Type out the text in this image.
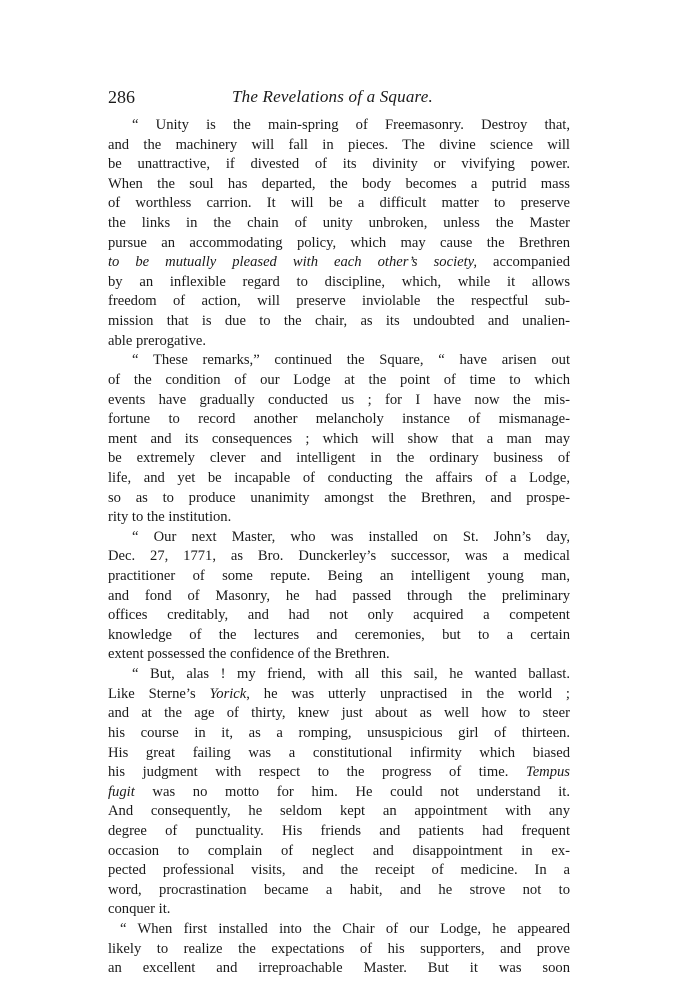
286	The Revelations of a Square.
“ Unity is the main-spring of Freemasonry. Destroy that,
and the machinery will fall in pieces. The divine science will
be unattractive, if divested of its divinity or vivifying power.
When the soul has departed, the body becomes a putrid mass
of worthless carrion. It will be a difficult matter to preserve
the links in the chain of unity unbroken, unless the Master
pursue an accommodating policy, which may cause the Brethren
to be mutually pleased with each other’s society, accompanied
by an inflexible regard to discipline, which, while it allows
freedom of action, will preserve inviolable the respectful sub-
mission that is due to the chair, as its undoubted and unalien-
able prerogative.
“ These remarks,” continued the Square, “ have arisen out
of the condition of our Lodge at the point of time to which
events have gradually conducted us ; for I have now the mis-
fortune to record another melancholy instance of mismanage-
ment and its consequences ; which will show that a man may
be extremely clever and intelligent in the ordinary business of
life, and yet be incapable of conducting the affairs of a Lodge,
so as to produce unanimity amongst the Brethren, and prospe-
rity to the institution.
“ Our next Master, who was installed on St. John’s day,
Dec. 27, 1771, as Bro. Dunckerley’s successor, was a medical
practitioner of some repute. Being an intelligent young man,
and fond of Masonry, he had passed through the preliminary
offices creditably, and had not only acquired a competent
knowledge of the lectures and ceremonies, but to a certain
extent possessed the confidence of the Brethren.
“ But, alas ! my friend, with all this sail, he wanted ballast.
Like Sterne’s Yorick, he was utterly unpractised in the world ;
and at the age of thirty, knew just about as well how to steer
his course in it, as a romping, unsuspicious girl of thirteen.
His great failing was a constitutional infirmity which biased
his judgment with respect to the progress of time. Tempus
fugit was no motto for him. He could not understand it.
And consequently, he seldom kept an appointment with any
degree of punctuality. His friends and patients had frequent
occasion to complain of neglect and disappointment in ex-
pected professional visits, and the receipt of medicine. In a
word, procrastination became a habit, and he strove not to
conquer it.
“ When first installed into the Chair of our Lodge, he appeared
likely to realize the expectations of his supporters, and prove
an excellent and irreproachable Master. But it was soon
